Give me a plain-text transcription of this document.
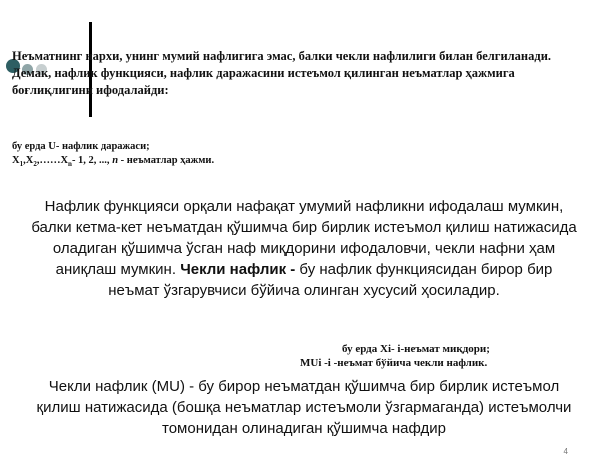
Неъматнинг нархи, унинг мумий нафлигига эмас, балки чекли нафлилиги билан белгиланади. Демак, нафлик функцияси, нафлик даражасини истеъмол қилинган неъматлар ҳажмига боғлиқлигини ифодалайди:

бу ерда U- нафлик даражаси;

$X_1,X_2,\dots\dots X_n-$ 1, 2, ..., n - неъматлар ҳажми.

Нафлик функцияси орқали нафақат умумий нафликни ифодалаш мумкин, балки кетма-кет неъматдан қўшимча бир бирлик истеъмол қилиш натижасида оладиган қўшимча ўсган наф миқдорини ифодаловчи, чекли нафни ҳам аниқлаш мумкин. Чекли нафлик - бу нафлик функциясидан бирор бир неъмат ўзгарувчиси бўйича олинган хусусий ҳосиладир.

бу ерда Xi- i-неъмат миқдори;

MUi -i -неъмат бўйича чекли нафлик.

Чекли нафлик (MU) - бу бирор неъматдан қўшимча бир бирлик истеъмол қилиш натижасида (бошқа неъматлар истеъмоли ўзгармаганда) истеъмолчи томонидан олинадиган қўшимча нафдир

4
